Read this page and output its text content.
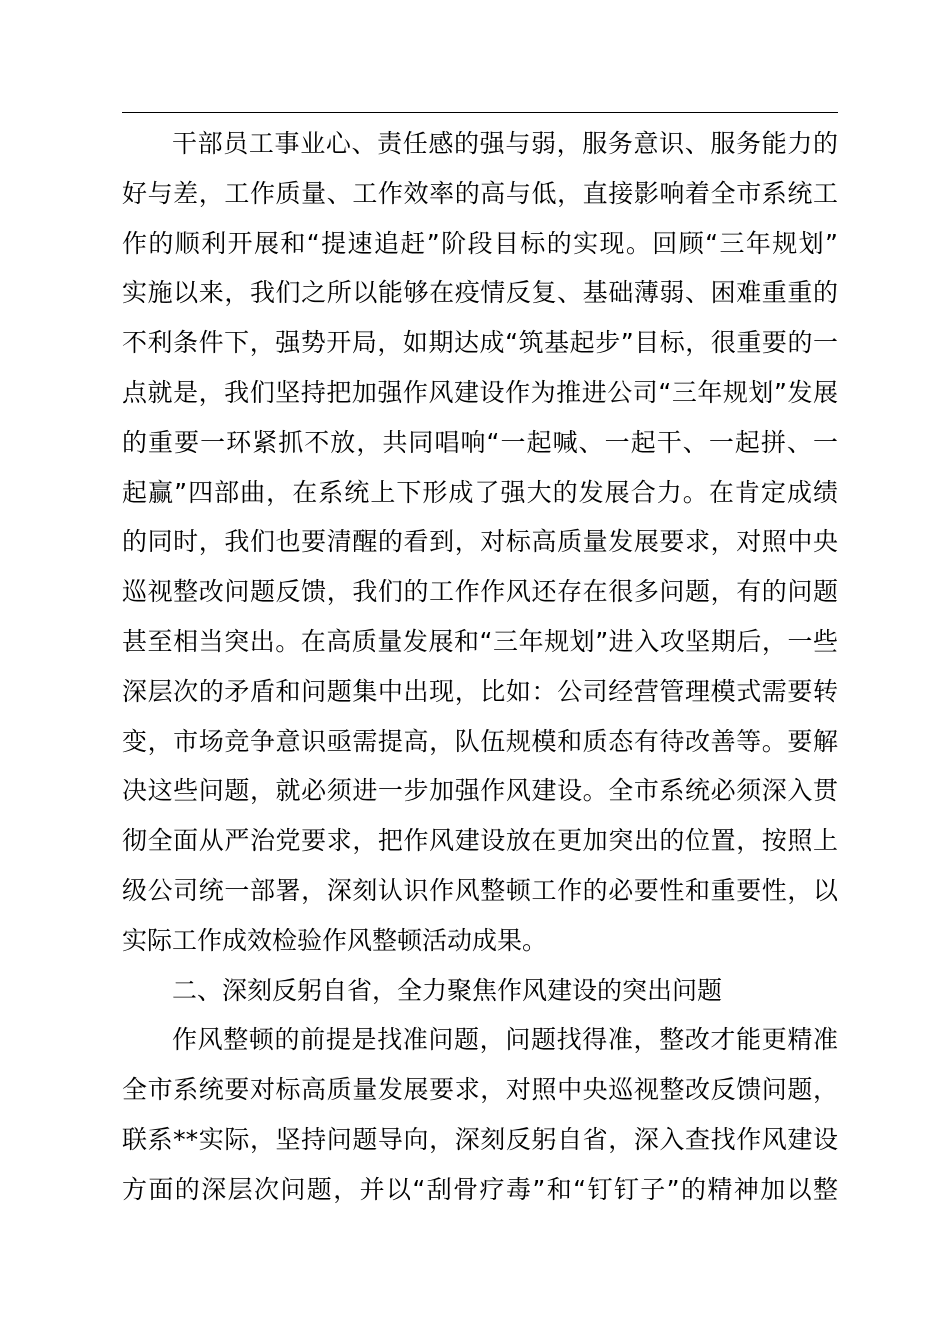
干部员工事业心、责任感的强与弱，服务意识、服务能力的
好与差，工作质量、工作效率的高与低，直接影响着全市系统工
作的顺利开展和“提速追赶”阶段目标的实现。回顾“三年规划”
实施以来，我们之所以能够在疫情反复、基础薄弱、困难重重的
不利条件下，强势开局，如期达成“筑基起步”目标，很重要的一
点就是，我们坚持把加强作风建设作为推进公司“三年规划”发展
的重要一环紧抓不放，共同唱响“一起喊、一起干、一起拼、一
起赢”四部曲，在系统上下形成了强大的发展合力。在肯定成绩
的同时，我们也要清醒的看到，对标高质量发展要求，对照中央
巡视整改问题反馈，我们的工作作风还存在很多问题，有的问题
甚至相当突出。在高质量发展和“三年规划”进入攻坚期后，一些
深层次的矛盾和问题集中出现，比如：公司经营管理模式需要转
变，市场竞争意识亟需提高，队伍规模和质态有待改善等。要解
决这些问题，就必须进一步加强作风建设。全市系统必须深入贯
彻全面从严治党要求，把作风建设放在更加突出的位置，按照上
级公司统一部署，深刻认识作风整顿工作的必要性和重要性，以
实际工作成效检验作风整顿活动成果。

二、深刻反躬自省，全力聚焦作风建设的突出问题

作风整顿的前提是找准问题，问题找得准，整改才能更精准
全市系统要对标高质量发展要求，对照中央巡视整改反馈问题，
联系**实际，坚持问题导向，深刻反躬自省，深入查找作风建设
方面的深层次问题，并以“刮骨疗毒”和“钉钉子”的精神加以整
